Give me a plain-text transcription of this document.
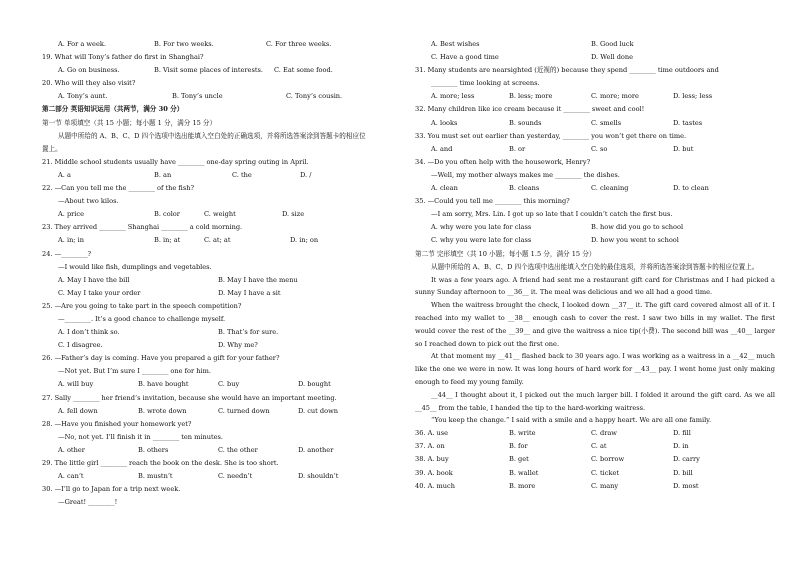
A. For a week.	B. For two weeks.	C. For three weeks.
19. What will Tony’s father do first in Shanghai?
A. Go on business.	B. Visit some places of interests. C. Eat some food.
20. Who will they also visit?
A. Tony’s aunt.	B. Tony’s uncle	C. Tony’s cousin.
第二部分 英语知识运用（共两节，满分 30 分）
第一节 单项填空（共 15 小题；每小题 1 分，满分 15 分）
从题中所给的 A、B、C、D 四个选项中选出能填入空白处的正确选项，并将所选答案涂到答题卡的相应位置上。
21. Middle school students usually have ________ one-day spring outing in April.
A. a	B. an	C. the	D. /
22. —Can you tell me the ________ of the fish?
—About two kilos.
A. price	B. color	C. weight	D. size
23. They arrived ________ Shanghai ________ a cold morning.
A. in; in	B. in; at	C. at; at	D. in; on
24. —________?
—I would like fish, dumplings and vegetables.
A. May I have the bill	B. May I have the menu
C. May I take your order	D. May I have a sit
25. —Are you going to take part in the speech competition?
—________. It’s a good chance to challenge myself.
A. I don’t think so.	B. That’s for sure.
C. I disagree.	D. Why me?
26. —Father’s day is coming. Have you prepared a gift for your father?
—Not yet. But I’m sure I ________ one for him.
A. will buy	B. have bought	C. buy	D. bought
27. Sally ________ her friend’s invitation, because she would have an important meeting.
A. fell down	B. wrote down	C. turned down	D. cut down
28. —Have you finished your homework yet?
—No, not yet. I’ll finish it in ________ ten minutes.
A. other	B. others	C. the other	D. another
29. The little girl ________ reach the book on the desk. She is too short.
A. can’t	B. mustn’t	C. needn’t	D. shouldn’t
30. —I’ll go to Japan for a trip next week.
—Great! ________!
A. Best wishes	B. Good luck
C. Have a good time	D. Well done
31. Many students are nearsighted (近视的) because they spend ________ time outdoors and
________ time looking at screens.
A. more; less	B. less; more	C. more; more	D. less; less
32. Many children like ice cream because it ________ sweet and cool!
A. looks	B. sounds	C. smells	D. tastes
33. You must set out earlier than yesterday, ________ you won’t get there on time.
A. and	B. or	C. so	D. but
34. —Do you often help with the housework, Henry?
—Well, my mother always makes me ________ the dishes.
A. clean	B. cleans	C. cleaning	D. to clean
35. —Could you tell me ________ this morning?
—I am sorry, Mrs. Lin. I got up so late that I couldn’t catch the first bus.
A. why were you late for class	B. how did you go to school
C. why you were late for class	D. how you went to school
第二节 完形填空（共 10 小题；每小题 1.5 分，满分 15 分）
从题中所给的 A、B、C、D 四个选项中选出能填入空白处的最佳选项，并将所选答案涂到答题卡的相应位置上。
It was a few years ago. A friend had sent me a restaurant gift card for Christmas and I had picked a sunny Sunday afternoon to __36__ it. The meal was delicious and we all had a good time.
When the waitress brought the check, I looked down __37__ it. The gift card covered almost all of it. I reached into my wallet to __38__ enough cash to cover the rest. I saw two bills in my wallet. The first would cover the rest of the __39__ and give the waitress a nice tip(小费). The second bill was __40__ larger so I reached down to pick out the first one.
At that moment my __41__ flashed back to 30 years ago. I was working as a waitress in a __42__ much like the one we were in now. It was long hours of hard work for __43__ pay. I went home just only making enough to feed my young family.
__44__ I thought about it, I picked out the much larger bill. I folded it around the gift card. As we all __45__ from the table, I handed the tip to the hard-working waitress.
“You keep the change.” I said with a smile and a happy heart. We are all one family.
36. A. use	B. write	C. draw	D. fill
37. A. on	B. for	C. at	D. in
38. A. buy	B. get	C. borrow	D. carry
39. A. book	B. wallet	C. ticket	D. bill
40. A. much	B. more	C. many	D. most
